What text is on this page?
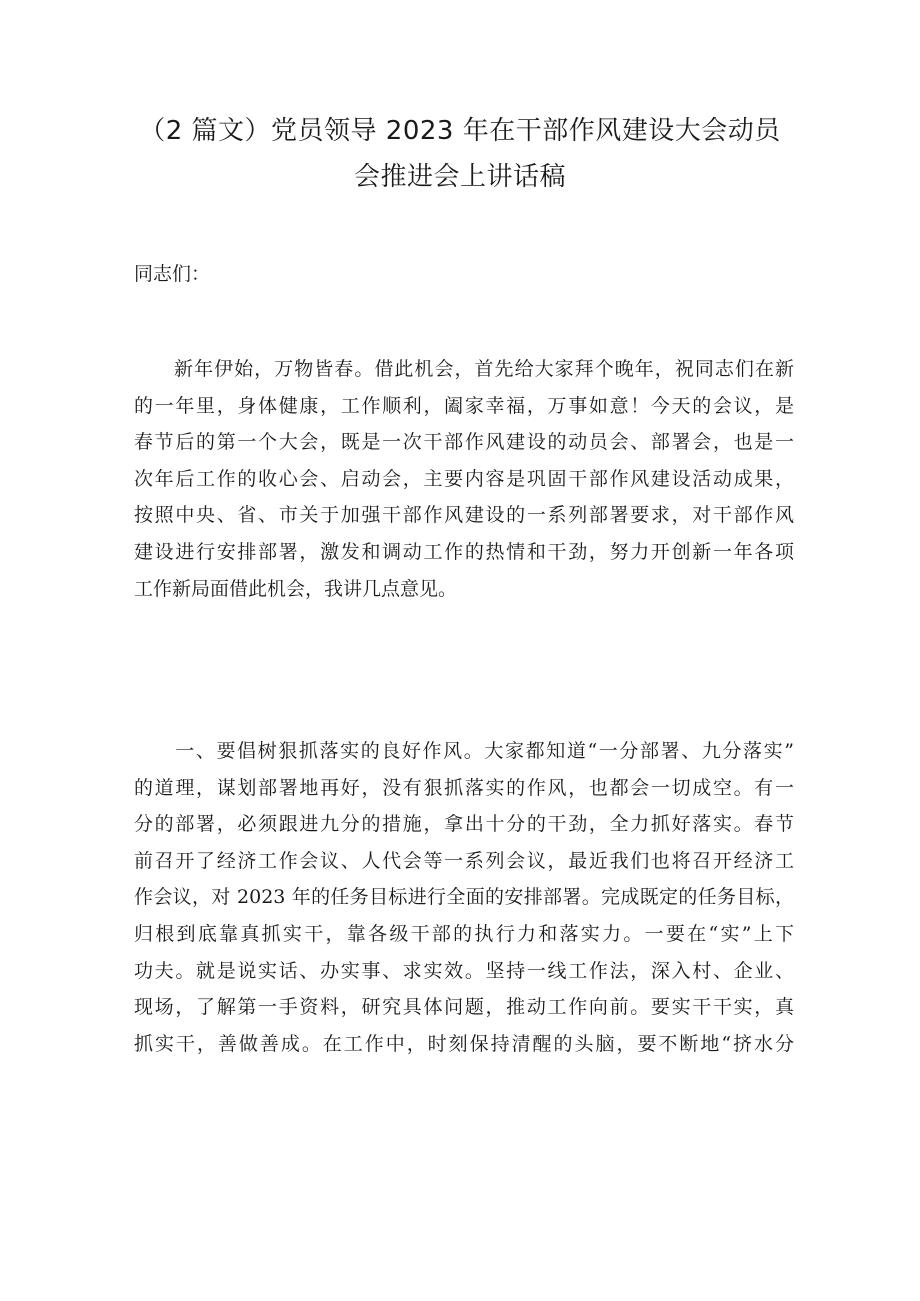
（2 篇文）党员领导 2023 年在干部作风建设大会动员
会推进会上讲话稿
同志们：
　　新年伊始，万物皆春。借此机会，首先给大家拜个晚年，祝同志们在新
的一年里，身体健康，工作顺利，阖家幸福，万事如意！今天的会议，是
春节后的第一个大会，既是一次干部作风建设的动员会、部署会，也是一
次年后工作的收心会、启动会，主要内容是巩固干部作风建设活动成果，
按照中央、省、市关于加强干部作风建设的一系列部署要求，对干部作风
建设进行安排部署，激发和调动工作的热情和干劲，努力开创新一年各项
工作新局面借此机会，我讲几点意见。
　　一、要倡树狠抓落实的良好作风。大家都知道“一分部署、九分落实”
的道理，谋划部署地再好，没有狠抓落实的作风，也都会一切成空。有一
分的部署，必须跟进九分的措施，拿出十分的干劲，全力抓好落实。春节
前召开了经济工作会议、人代会等一系列会议，最近我们也将召开经济工
作会议，对 2023 年的任务目标进行全面的安排部署。完成既定的任务目标，
归根到底靠真抓实干，靠各级干部的执行力和落实力。一要在“实”上下
功夫。就是说实话、办实事、求实效。坚持一线工作法，深入村、企业、
现场，了解第一手资料，研究具体问题，推动工作向前。要实干干实，真
抓实干，善做善成。在工作中，时刻保持清醒的头脑，要不断地“挤水分
